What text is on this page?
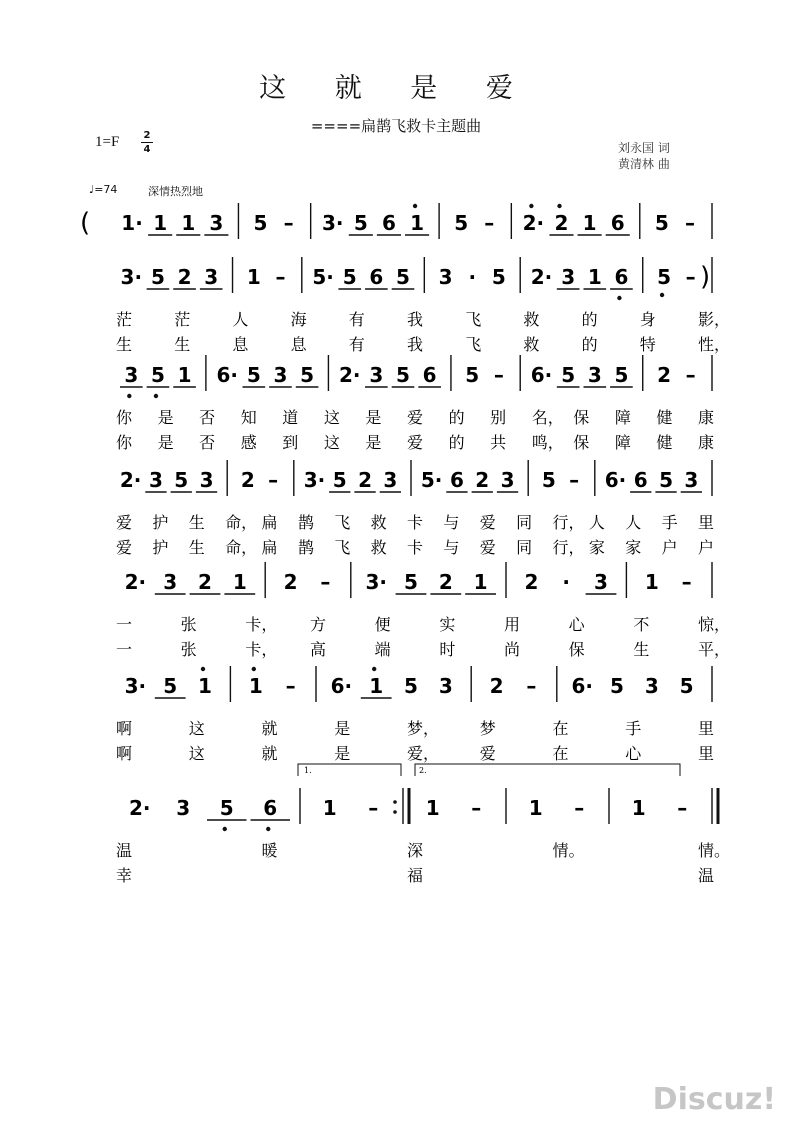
这 就 是 爱
====扁鹊飞救卡主题曲
1=F 2
4	刘永国 词
黄清林 曲
♩=74	深情热烈地
( 1· 1 1 3 5 – 3· 5 6 1 5 – 2· 2 1 6 5 –
3· 5 2 3 1 – 5· 5 6 5 3 · 5 2· 3 1 6 5 – )
茫	茫	人	海	有	我	飞	救	的	身	影，
生	生	息	息	有	我	飞	救	的	特	性，
3 5 1 6· 5 3 5 2· 3 5 6 5 – 6· 5 3 5 2 –
你 是 否 知 道 这 是 爱 的 别 名， 保 障 健 康
你 是 否 感 到 这 是 爱 的 共 鸣， 保 障 健 康
2· 3 5 3 2 – 3· 5 2 3 5· 6 2 3 5 – 6· 6 5 3
爱 护 生 命， 扁 鹊 飞 救 卡 与 爱 同 行， 人 人 手 里
爱 护 生 命， 扁 鹊 飞 救 卡 与 爱 同 行， 家 家 户 户
2· 3 2 1 2 – 3· 5 2 1 2 · 3 1 –
一	张	卡， 方	便	实	用	心	不	惊，
一	张	卡， 高	端	时	尚	保	生	平，
3· 5 1 1 – 6· 1 5 3 2 – 6· 5 3 5
啊	这	就	是	梦，	梦	在	手	里
啊	这	就	是	爱，	爱	在	心	里
2· 3 5 6 1 – 1 – 1 – 1 –
1.	2.
温	暖	深	情。	情。
幸	福	温
Discuz!
